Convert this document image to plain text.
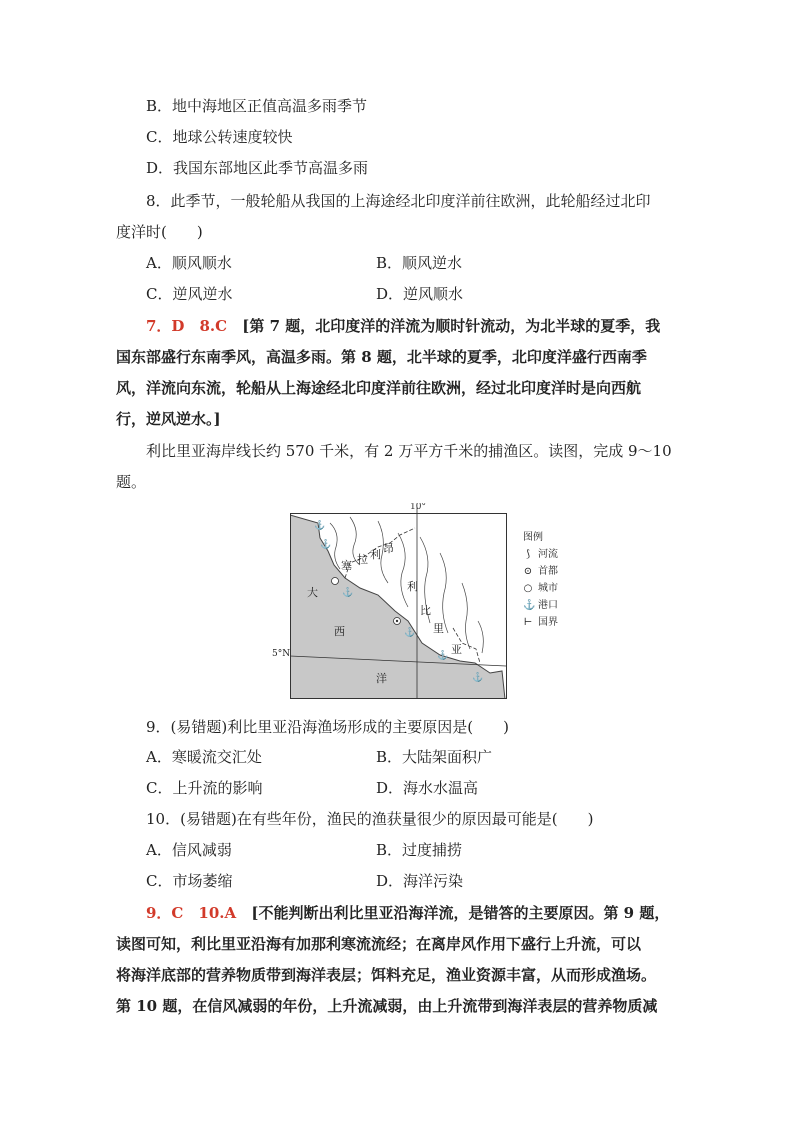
B．地中海地区正值高温多雨季节
C．地球公转速度较快
D．我国东部地区此季节高温多雨
8．此季节，一般轮船从我国的上海途经北印度洋前往欧洲，此轮船经过北印
度洋时(　　)
A．顺风顺水	B．顺风逆水
C．逆风逆水	D．逆风顺水
7．D　8.C [第 7 题，北印度洋的洋流为顺时针流动，为北半球的夏季，我
国东部盛行东南季风，高温多雨。第 8 题，北半球的夏季，北印度洋盛行西南季
风，洋流向东流，轮船从上海途经北印度洋前往欧洲，经过北印度洋时是向西航
行，逆风逆水。]
利比里亚海岸线长约 570 千米，有 2 万平方千米的捕渔区。读图，完成 9～10
题。
⚓
⚓
⚓
⚓
⚓
⚓
10°
塞 拉 利 昂
利
比
里
亚
大
西
洋
5°N
图例
⟆ 河流
⊙ 首都
○ 城市
⚓ 港口
⊢ 国界
9．(易错题)利比里亚沿海渔场形成的主要原因是(　　)
A．寒暖流交汇处	B．大陆架面积广
C．上升流的影响	D．海水水温高
10．(易错题)在有些年份，渔民的渔获量很少的原因最可能是(　　)
A．信风减弱	B．过度捕捞
C．市场萎缩	D．海洋污染
9．C　10.A [不能判断出利比里亚沿海洋流，是错答的主要原因。第 9 题，
读图可知，利比里亚沿海有加那利寒流流经；在离岸风作用下盛行上升流，可以
将海洋底部的营养物质带到海洋表层；饵料充足，渔业资源丰富，从而形成渔场。
第 10 题，在信风减弱的年份，上升流减弱，由上升流带到海洋表层的营养物质减
